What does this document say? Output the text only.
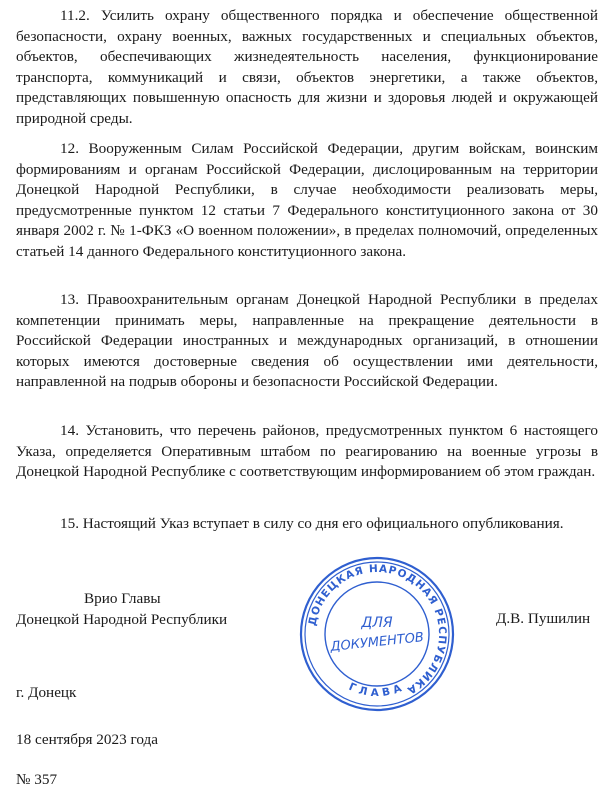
11.2. Усилить охрану общественного порядка и обеспечение общественной безопасности, охрану военных, важных государственных и специальных объектов, объектов, обеспечивающих жизнедеятельность населения, функционирование транспорта, коммуникаций и связи, объектов энергетики, а также объектов, представляющих повышенную опасность для жизни и здоровья людей и окружающей природной среды.

12. Вооруженным Силам Российской Федерации, другим войскам, воинским формированиям и органам Российской Федерации, дислоцированным на территории Донецкой Народной Республики, в случае необходимости реализовать меры, предусмотренные пунктом 12 статьи 7 Федерального конституционного закона от 30 января 2002 г. № 1-ФКЗ «О военном положении», в пределах полномочий, определенных статьей 14 данного Федерального конституционного закона.

13. Правоохранительным органам Донецкой Народной Республики в пределах компетенции принимать меры, направленные на прекращение деятельности в Российской Федерации иностранных и международных организаций, в отношении которых имеются достоверные сведения об осуществлении ими деятельности, направленной на подрыв обороны и безопасности Российской Федерации.

14. Установить, что перечень районов, предусмотренных пунктом 6 настоящего Указа, определяется Оперативным штабом по реагированию на военные угрозы в Донецкой Народной Республике с соответствующим информированием об этом граждан.

15. Настоящий Указ вступает в силу со дня его официального опубликования.

Врио Главы
Донецкой Народной Республики	ДОНЕЦКАЯ НАРОДНАЯ РЕСПУБЛИКА
ГЛАВА
ДЛЯ
ДОКУМЕНТОВ
Д.В. Пушилин
г. Донецк
18 сентября 2023 года
№ 357
